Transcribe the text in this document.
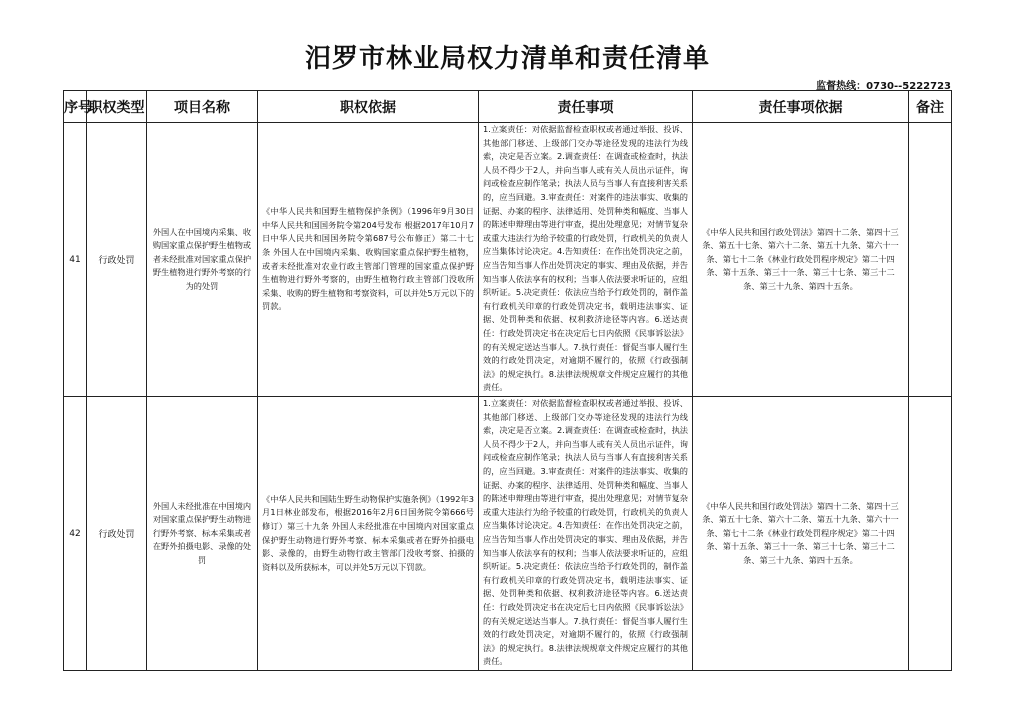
汨罗市林业局权力清单和责任清单
监督热线：0730--5222723
序号	职权类型	项目名称	职权依据	责任事项	责任事项依据	备注
41	行政处罚	外国人在中国境内采集、收购国家重点保护野生植物或者未经批准对国家重点保护野生植物进行野外考察的行为的处罚	《中华人民共和国野生植物保护条例》（1996年9月30日中华人民共和国国务院令第204号发布 根据2017年10月7日中华人民共和国国务院令第687号公布修正）第二十七条 外国人在中国境内采集、收购国家重点保护野生植物，或者未经批准对农业行政主管部门管理的国家重点保护野生植物进行野外考察的，由野生植物行政主管部门没收所采集、收购的野生植物和考察资料，可以并处5万元以下的罚款。	1.立案责任：对依据监督检查职权或者通过举报、投诉、其他部门移送、上级部门交办等途径发现的违法行为线索，决定是否立案。2.调查责任：在调查或检查时，执法人员不得少于2人，并向当事人或有关人员出示证件，询问或检查应制作笔录；执法人员与当事人有直接利害关系的，应当回避。3.审查责任：对案件的违法事实、收集的证据、办案的程序、法律适用、处罚种类和幅度、当事人的陈述申辩理由等进行审查，提出处理意见；对情节复杂或重大违法行为给予较重的行政处罚，行政机关的负责人应当集体讨论决定。4.告知责任：在作出处罚决定之前，应当告知当事人作出处罚决定的事实、理由及依据，并告知当事人依法享有的权利；当事人依法要求听证的，应组织听证。5.决定责任：依法应当给予行政处罚的，制作盖有行政机关印章的行政处罚决定书，载明违法事实、证据、处罚种类和依据、权利救济途径等内容。6.送达责任：行政处罚决定书在决定后七日内依照《民事诉讼法》的有关规定送达当事人。7.执行责任：督促当事人履行生效的行政处罚决定，对逾期不履行的，依照《行政强制法》的规定执行。8.法律法规规章文件规定应履行的其他责任。	《中华人民共和国行政处罚法》第四十二条、第四十三条、第五十七条、第六十二条、第五十九条、第六十一条、第七十二条《林业行政处罚程序规定》第二十四条、第十五条、第三十一条、第三十七条、第三十二条、第三十九条、第四十五条。	

42	行政处罚	外国人未经批准在中国境内对国家重点保护野生动物进行野外考察、标本采集或者在野外拍摄电影、录像的处罚	《中华人民共和国陆生野生动物保护实施条例》（1992年3月1日林业部发布，根据2016年2月6日国务院令第666号修订）第三十九条 外国人未经批准在中国境内对国家重点保护野生动物进行野外考察、标本采集或者在野外拍摄电影、录像的，由野生动物行政主管部门没收考察、拍摄的资料以及所获标本，可以并处5万元以下罚款。	1.立案责任：对依据监督检查职权或者通过举报、投诉、其他部门移送、上级部门交办等途径发现的违法行为线索，决定是否立案。2.调查责任：在调查或检查时，执法人员不得少于2人，并向当事人或有关人员出示证件，询问或检查应制作笔录；执法人员与当事人有直接利害关系的，应当回避。3.审查责任：对案件的违法事实、收集的证据、办案的程序、法律适用、处罚种类和幅度、当事人的陈述申辩理由等进行审查，提出处理意见；对情节复杂或重大违法行为给予较重的行政处罚，行政机关的负责人应当集体讨论决定。4.告知责任：在作出处罚决定之前，应当告知当事人作出处罚决定的事实、理由及依据，并告知当事人依法享有的权利；当事人依法要求听证的，应组织听证。5.决定责任：依法应当给予行政处罚的，制作盖有行政机关印章的行政处罚决定书，载明违法事实、证据、处罚种类和依据、权利救济途径等内容。6.送达责任：行政处罚决定书在决定后七日内依照《民事诉讼法》的有关规定送达当事人。7.执行责任：督促当事人履行生效的行政处罚决定，对逾期不履行的，依照《行政强制法》的规定执行。8.法律法规规章文件规定应履行的其他责任。	《中华人民共和国行政处罚法》第四十二条、第四十三条、第五十七条、第六十二条、第五十九条、第六十一条、第七十二条《林业行政处罚程序规定》第二十四条、第十五条、第三十一条、第三十七条、第三十二条、第三十九条、第四十五条。	
